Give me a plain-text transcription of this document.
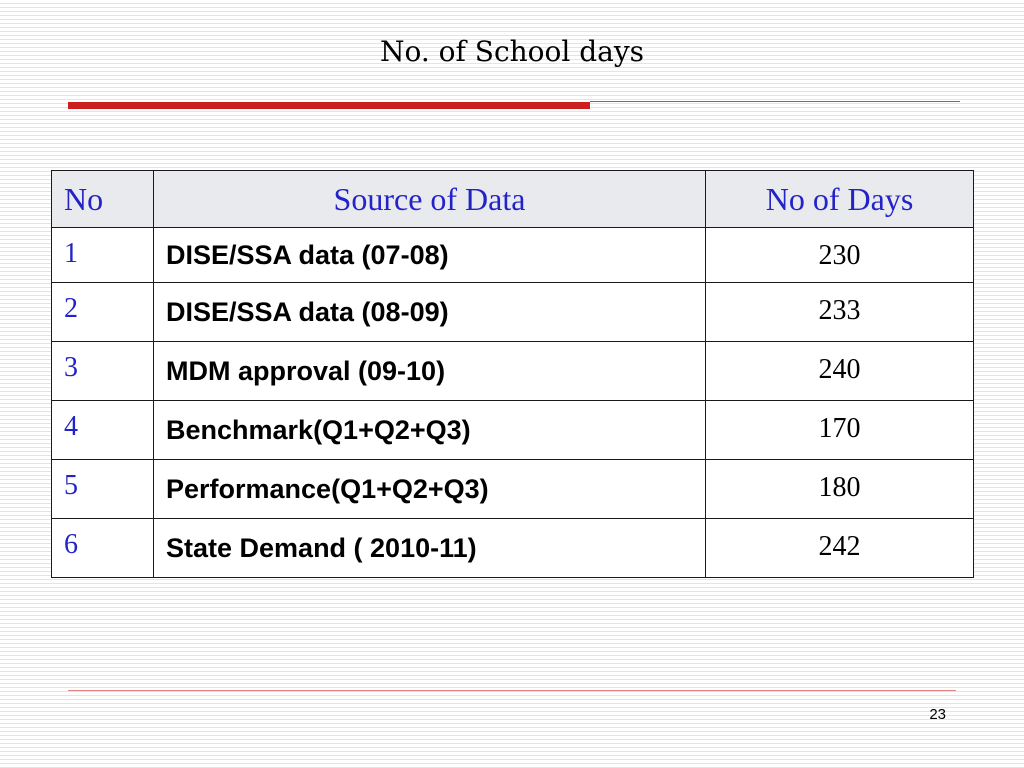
No. of School days
No	Source of Data	No of Days
1	DISE/SSA data (07-08)	230
2	DISE/SSA data (08-09)	233
3	MDM approval (09-10)	240
4	Benchmark(Q1+Q2+Q3)	170
5	Performance(Q1+Q2+Q3)	180
6	State Demand ( 2010-11)	242
23
